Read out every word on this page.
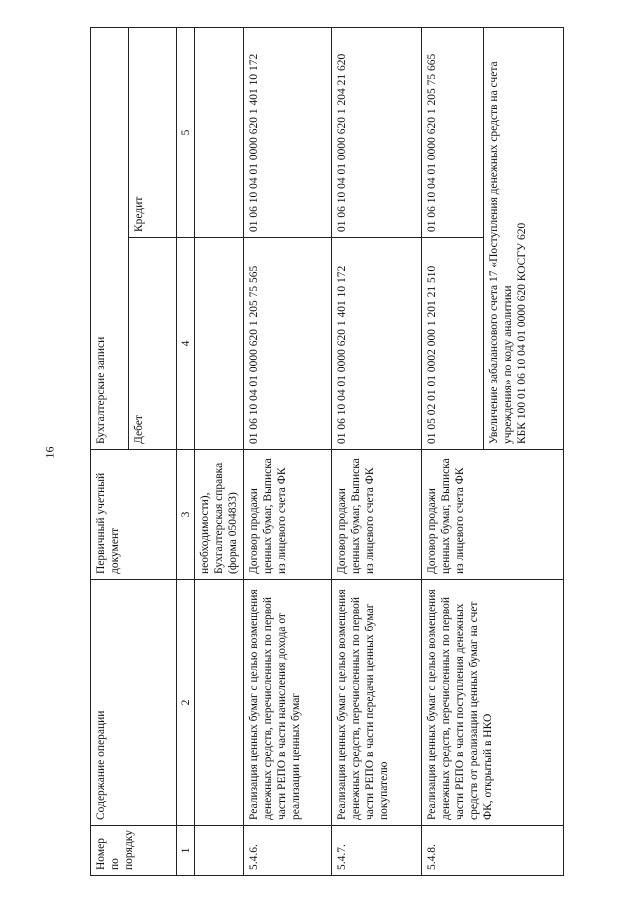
16
Номер по порядку	Содержание операции	Первичный учетный документ	Бухгалтерские записи	
			Дебет	Кредит
1	2	3	4	5
		необходимости), Бухгалтерская справка (форма 0504833)		
5.4.6.	Реализация ценных бумаг с целью возмещения денежных средств, перечисленных по первой части РЕПО в части начисления дохода от реализации ценных бумаг	Договор продажи ценных бумаг, Выписка из лицевого счета ФК	01 06 10 04 01 0000 620 1 205 75 565	01 06 10 04 01 0000 620 1 401 10 172
5.4.7.	Реализация ценных бумаг с целью возмещения денежных средств, перечисленных по первой части РЕПО в части передачи ценных бумаг покупателю	Договор продажи ценных бумаг, Выписка из лицевого счета ФК	01 06 10 04 01 0000 620 1 401 10 172	01 06 10 04 01 0000 620 1 204 21 620
5.4.8.	Реализация ценных бумаг с целью возмещения денежных средств, перечисленных по первой части РЕПО в части поступления денежных средств от реализации ценных бумаг на счет ФК, открытый в НКО	Договор продажи ценных бумаг, Выписка из лицевого счета ФК	01 05 02 01 01 0002 000 1 201 21 510	01 06 10 04 01 0000 620 1 205 75 665

			Увеличение забалансового счета 17 «Поступления денежных средств на счета учреждения» по коду аналитики КБК 100 01 06 10 04 01 0000 620 КОСГУ 620	
